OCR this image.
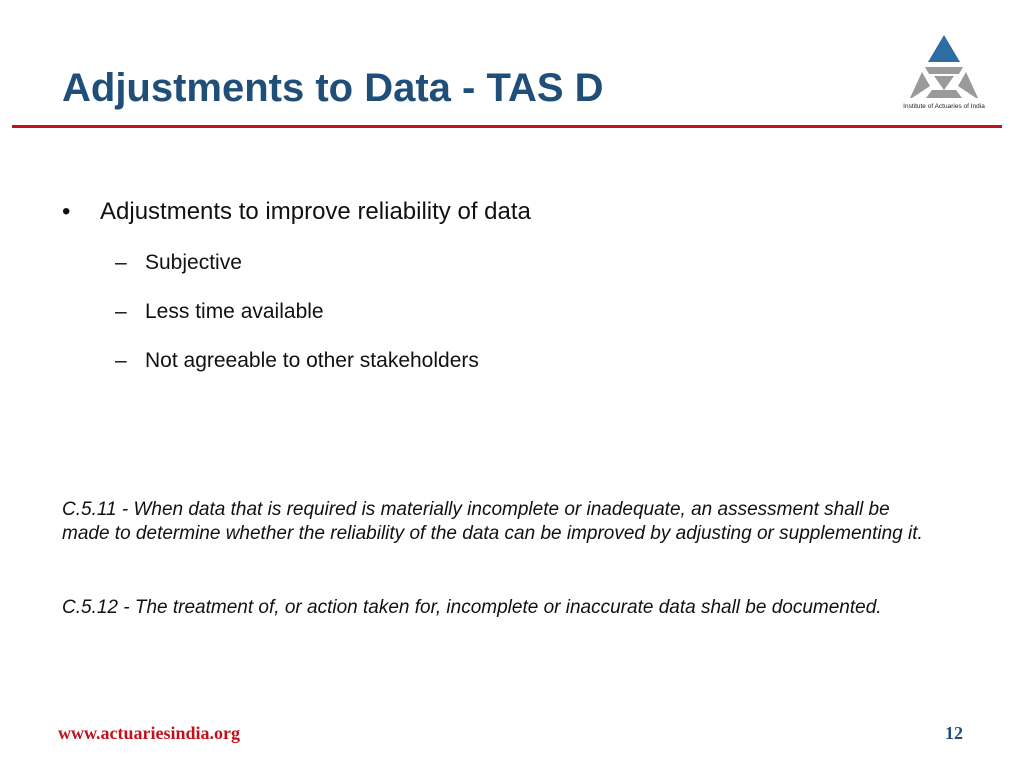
Adjustments to Data - TAS D	Institute of Actuaries of India
• Adjustments to improve reliability of data
– Subjective
– Less time available
– Not agreeable to other stakeholders

C.5.11 - When data that is required is materially incomplete or inadequate, an assessment shall be made to determine whether the reliability of the data can be improved by adjusting or supplementing it.

C.5.12 - The treatment of, or action taken for, incomplete or inaccurate data shall be documented.

www.actuariesindia.org	12
